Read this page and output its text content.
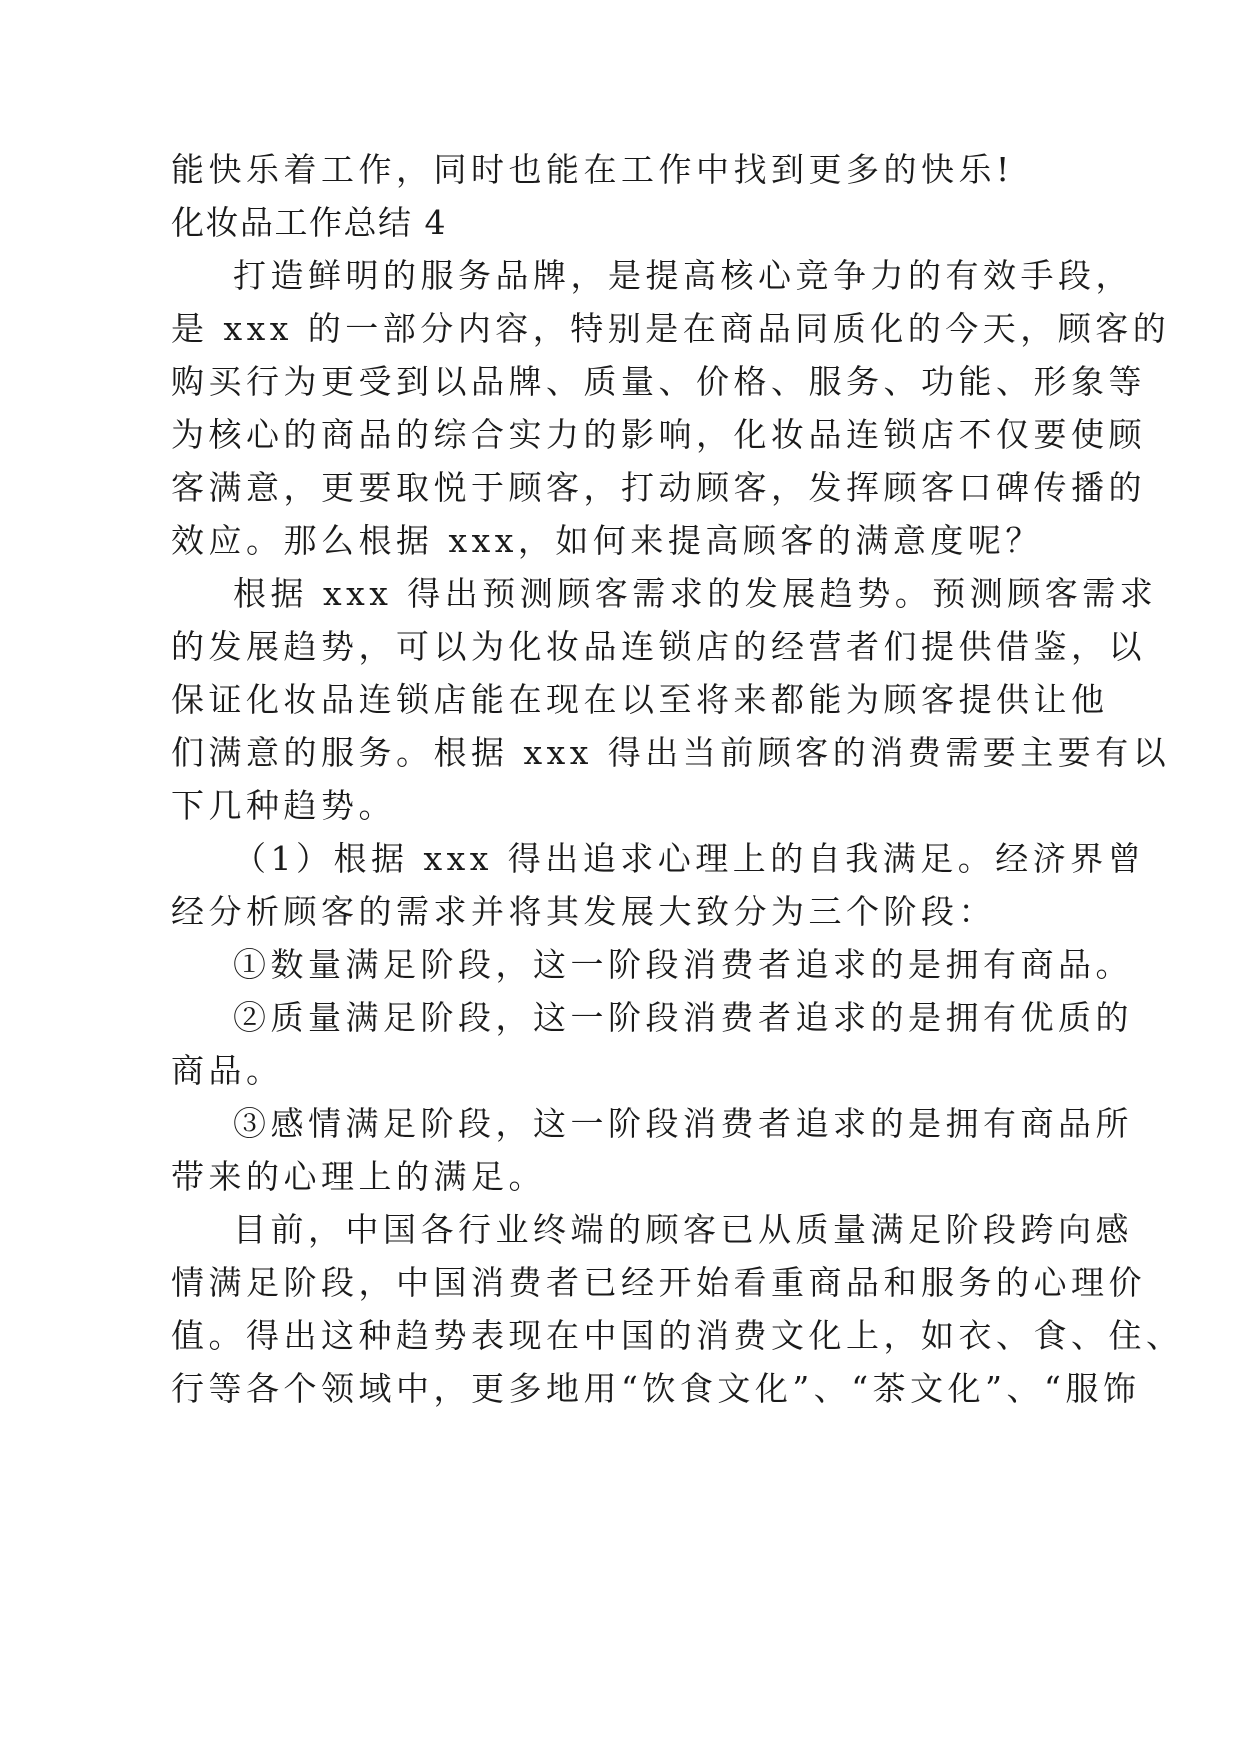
能快乐着工作，同时也能在工作中找到更多的快乐!
化妆品工作总结 4
打造鲜明的服务品牌，是提高核心竞争力的有效手段，
是 xxx 的一部分内容，特别是在商品同质化的今天，顾客的
购买行为更受到以品牌、质量、价格、服务、功能、形象等
为核心的商品的综合实力的影响，化妆品连锁店不仅要使顾
客满意，更要取悦于顾客，打动顾客，发挥顾客口碑传播的
效应。那么根据 xxx，如何来提高顾客的满意度呢？
根据 xxx 得出预测顾客需求的发展趋势。预测顾客需求
的发展趋势，可以为化妆品连锁店的经营者们提供借鉴，以
保证化妆品连锁店能在现在以至将来都能为顾客提供让他
们满意的服务。根据 xxx 得出当前顾客的消费需要主要有以
下几种趋势。
（1）根据 xxx 得出追求心理上的自我满足。经济界曾
经分析顾客的需求并将其发展大致分为三个阶段：
①数量满足阶段，这一阶段消费者追求的是拥有商品。
②质量满足阶段，这一阶段消费者追求的是拥有优质的
商品。
③感情满足阶段，这一阶段消费者追求的是拥有商品所
带来的心理上的满足。
目前，中国各行业终端的顾客已从质量满足阶段跨向感
情满足阶段，中国消费者已经开始看重商品和服务的心理价
值。得出这种趋势表现在中国的消费文化上，如衣、食、住、
行等各个领域中，更多地用“饮食文化”、“茶文化”、“服饰
